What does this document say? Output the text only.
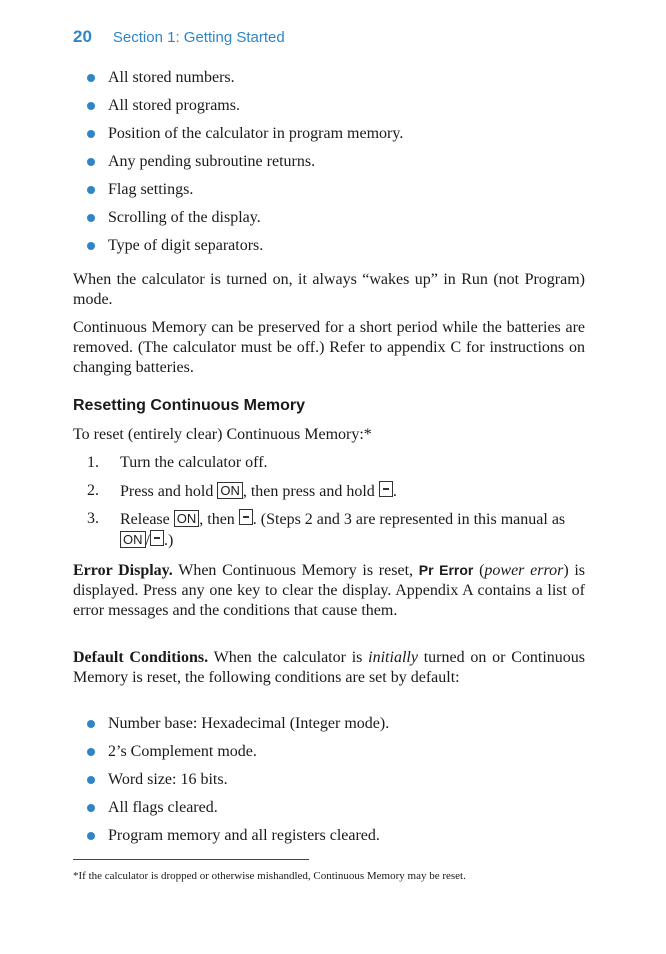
20 Section 1: Getting Started
All stored numbers.
All stored programs.
Position of the calculator in program memory.
Any pending subroutine returns.
Flag settings.
Scrolling of the display.
Type of digit separators.

When the calculator is turned on, it always “wakes up” in Run (not Program) mode.

Continuous Memory can be preserved for a short period while the batteries are removed. (The calculator must be off.) Refer to appendix C for instructions on changing batteries.

Resetting Continuous Memory

To reset (entirely clear) Continuous Memory:*

1. Turn the calculator off.
2. Press and hold ON , then press and hold .
3. Release ON , then . (Steps 2 and 3 are represented in this manual as ON / .)

Error Display. When Continuous Memory is reset, Pr Error (power error) is displayed. Press any one key to clear the display. Appendix A contains a list of error messages and the conditions that cause them.

Default Conditions. When the calculator is initially turned on or Continuous Memory is reset, the following conditions are set by default:

Number base: Hexadecimal (Integer mode).
2’s Complement mode.
Word size: 16 bits.
All flags cleared.
Program memory and all registers cleared.

*If the calculator is dropped or otherwise mishandled, Continuous Memory may be reset.
